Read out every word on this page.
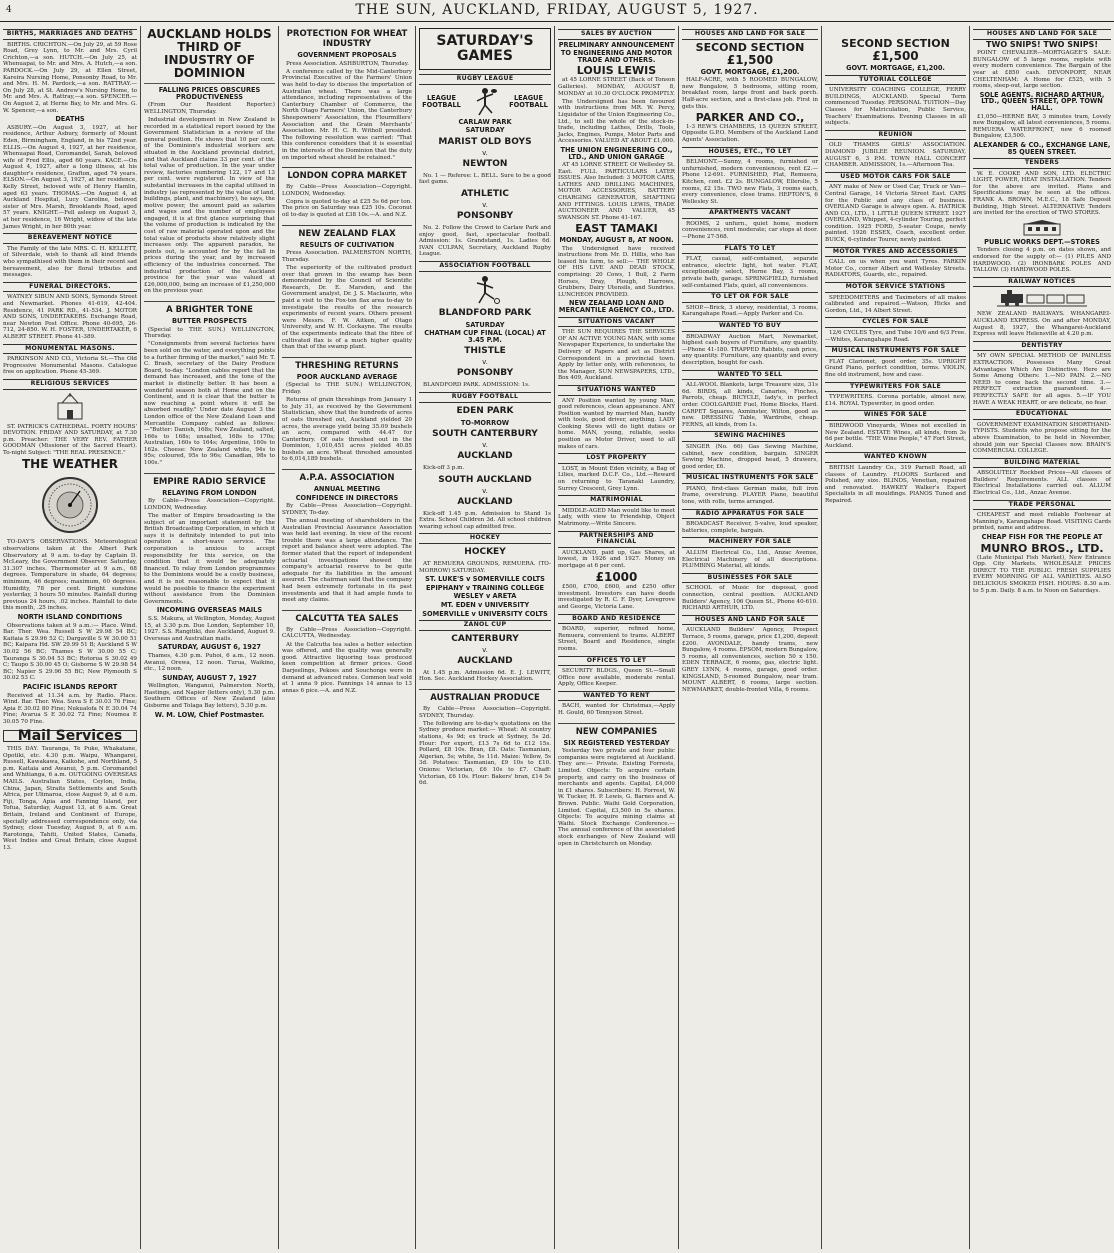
4	THE SUN, AUCKLAND, FRIDAY, AUGUST 5, 1927.
BIRTHS, MARRIAGES AND DEATHS

BIRTHS. CRICHTON.—On July 29, at 59 Rose Road, Grey Lynn, to Mr. and Mrs. Cyril Crichton,—a son. HUTCH.—On July 25, at Whenuapai, to Mr. and Mrs. A. Hutch,—a son. PARDOCK.—On July 29, at Ellen Street, Kareira Nursing Home, Ponsonby Road, to Mr. and Mrs. H. M. Pardock,—a son. RATTRAY.—On July 28, at St. Andrew's Nursing Home, to Mr. and Mrs. A. Rattray,—a son. SPENCER.—On August 2, at Herne Bay, to Mr. and Mrs. G. W. Spencer,—a son.

DEATHS

ASBURY.—On August 3, 1927, at her residence, Arthur Asbury, formerly of Mount Eden, Birmingham, England, in his 72nd year. ELLIS.—On August 4, 1927, at her residence, Whenuapai Road, Coromandel, Sarah, beloved wife of Fred Ellis, aged 60 years. KACE.—On August 4, 1927, after a long illness, at his daughter's residence, Grafton, aged 74 years. ELSON.—On August 3, 1927, at her residence, Kelly Street, beloved wife of Henry Hamlin, aged 63 years. THOMAS.—On August 4, at Auckland Hospital, Lucy Caroline, beloved sister of Mrs. Marsh, Brooklands Road, aged 57 years. KNIGHT.—Fell asleep on August 3, at her residence, 16 Wright, widow of the late James Wright, in her 80th year.

BEREAVEMENT NOTICE

The Family of the late MRS. C. H. KELLETT, of Silverdale, wish to thank all kind friends who sympathised with them in their recent sad bereavement, also for floral tributes and messages.

FUNERAL DIRECTORS.

WATNEY SIBUN AND SONS, Symonds Street and Newmarket. Phones 41-619, 42-404. Residence, 41 PARK RD., 41-534. J. MOTOR AND SONS, UNDERTAKERS. Exchange Road, near Newton Post Office. Phone 40-695, 26-712, 24-850. W. H. FOSTER, UNDERTAKER, 6 ALBERT STREET. Phone 41-389.

MONUMENTAL MASONS.

PARKINSON AND CO., Victoria St.—The Old Progressive Monumental Masons. Catalogue free on application. Phone 45-369.

RELIGIOUS SERVICES

ST. PATRICK'S CATHEDRAL. FORTY HOURS' DEVOTION. FRIDAY AND SATURDAY, at 7.30 p.m. Preacher: THE VERY REV. FATHER GOODMAN (Missioner of the Sacred Heart). To-night Subject: "THE REAL PRESENCE."

THE WEATHER

TO-DAY'S OBSERVATIONS. Meteorological observations taken at the Albert Park Observatory at 9 a.m. to-day by Captain D. McLeary, the Government Observer. Saturday, 31.307 inches. Thermometer at 9 a.m., 68 degrees. Temperature in shade, 64 degrees; minimum, 46 degrees; maximum, 60 degrees. Humidity, 78 per cent. Bright sunshine yesterday, 3 hours 50 minutes. Rainfall during previous 24 hours, .02 inches. Rainfall to date this month, .25 inches.

NORTH ISLAND CONDITIONS

Observations taken at 9 a.m.:— Place. Wind. Bar. Ther. Wea. Russell S W 29.98 54 BC; Kaitaia S 29.96 52 C; Dargaville S W 30.00 51 BC; Kaipara Hd. SW 29.99 51 B; Auckland S W 30.02 56 BC; Thames S W 30.00 55 C; Tauranga S 30.04 53 BC; Rotorua S 30.02 49 C; Taupo S 30.00 45 O; Gisborne S W 29.98 54 BC; Napier S 29.96 55 BC; New Plymouth S 30.02 53 C.

PACIFIC ISLANDS REPORT

Received at 11.34 a.m. by Radio. Place. Wind. Bar. Ther. Wea. Suva S E 30.03 76 Fine; Apia E 30.02 80 Fine; Nukualofa N E 30.04 74 Fine; Avarua S E 30.02 72 Fine; Noumea E 30.05 70 Fine.

Mail Services

THIS DAY. Tauranga, Te Puke, Whakatane, Opotiki, etc. 4.30 p.m. Waipu, Whangarei, Russell, Kawakawa, Kaikohe, and Northland, 5 p.m. Kaitaia and Awanui, 5 p.m. Coromandel and Whitianga, 6 a.m. OUTGOING OVERSEAS MAILS. Australian States, Ceylon, India, China, Japan, Straits Settlements and South Africa, per Ulimaroa, close August 9, at 6 a.m. Fiji, Tonga, Apia and Fanning Island, per Tofua, Saturday, August 13, at 6 a.m. Great Britain, Ireland and Continent of Europe, specially addressed correspondence only, via Sydney, close Tuesday, August 9, at 6 a.m. Rarotonga, Tahiti, United States, Canada, West Indies and Great Britain, close August 13.

AUCKLAND HOLDS THIRD OF INDUSTRY OF DOMINION
FALLING PRICES OBSCURES PRODUCTIVENESS

(From Our Resident Reporter.) WELLINGTON, Thursday.

Industrial development in New Zealand is recorded in a statistical report issued by the Government Statistician in a review of the general position. He shows that 10 per cent. of the Dominion's industrial workers are situated in the Auckland provincial district, and that Auckland claims 33 per cent. of the total value of production. In the year under review, factories numbering 122, 17 and 13 per cent. were registered. In view of the substantial increases in the capital utilised in industry (as represented by the value of land, buildings, plant, and machinery), he says, the motive power, the amount paid as salaries and wages and the number of employees engaged, it is at first glance surprising that the volume of production is indicated by the cost of raw material operated upon and the total value of products show relatively slight increases only. The apparent paradox, he points out, is accounted for by the fall in prices during the year, and by increased efficiency of the industries concerned. The industrial production of the Auckland province for the year was valued at £26,000,000, being an increase of £1,250,000 on the previous year.

A BRIGHTER TONE
BUTTER PROSPECTS

(Special to THE SUN.) WELLINGTON, Thursday.

"Consignments from several factories have been sold on the water, and everything points to a further firming of the market," said Mr. T. C. Brash, secretary of the Dairy Produce Board, to-day. "London cables report that the demand has increased, and the tone of the market is distinctly better. It has been a wonderful season both at Home and on the Continent, and it is clear that the butter is now reaching a point where it will be absorbed readily." Under date August 3 the London office of the New Zealand Loan and Mercantile Company cabled as follows:—"Butter: Danish, 168s; New Zealand, salted, 166s to 168s; unsalted, 168s to 170s; Australian, 160s to 164s; Argentine, 160s to 162s. Cheese: New Zealand white, 94s to 95s; coloured, 95s to 96s; Canadian, 98s to 100s."

EMPIRE RADIO SERVICE
RELAYING FROM LONDON

By Cable—Press Association—Copyright. LONDON, Wednesday.

The matter of Empire broadcasting is the subject of an important statement by the British Broadcasting Corporation, in which it says it is definitely intended to put into operation a short-wave service. The corporation is anxious to accept responsibility for this service, on the condition that it would be adequately financed. To relay from London programmes to the Dominions would be a costly business, and it is not reasonable to expect that it would be possible to finance the experiment without assistance from the Dominion Governments.

INCOMING OVERSEAS MAILS

S.S. Makura, at Wellington, Monday, August 15, at 3.30 p.m. Due London, September 10, 1927. S.S. Rangitiki, due Auckland, August 9. Overseas and Australian mails.

SATURDAY, AUGUST 6, 1927

Thames, 4.30 p.m. Puhoi, 6 a.m., 12 noon. Awanui, Orewa, 12 noon. Turua, Waikino, etc., 12 noon.

SUNDAY, AUGUST 7, 1927

Wellington, Wanganui, Palmerston North, Hastings, and Napier (letters only), 5.30 p.m. Southern Offices of New Zealand (also Gisborne and Tolaga Bay letters), 5.30 p.m.

W. M. LOW, Chief Postmaster.
PROTECTION FOR WHEAT INDUSTRY
GOVERNMENT PROPOSALS

Press Association. ASHBURTON, Thursday.

A conference called by the Mid-Canterbury Provincial Executive of the Farmers' Union was held to-day to discuss the importation of Australian wheat. There was a large attendance, including representatives of the Canterbury Chamber of Commerce, the North Otago Farmers' Union, the Canterbury Sheepowners' Association, the Flourmillers' Association and the Grain Merchants' Association. Mr. H. C. R. Witholl presided. The following resolution was carried: "That this conference considers that it is essential in the interests of the Dominion that the duty on imported wheat should be retained."

LONDON COPRA MARKET

By Cable—Press Association—Copyright. LONDON, Wednesday.

Copra is quoted to-day at £25 5s 6d per ton. The price on Saturday was £25 10s. Coconut oil to-day is quoted at £38 10s.—A. and N.Z.

NEW ZEALAND FLAX
RESULTS OF CULTIVATION

Press Association. PALMERSTON NORTH, Thursday.

The superiority of the cultivated product over that grown in the swamp has been demonstrated by the Council of Scientific Research, Dr. E. Marsden, and the Government analyst, Dr. J. S. Maclaurin, who paid a visit to the Fox-ton flax area to-day to investigate the results of the research experiments of recent years. Others present were Messrs. F. W. Aitken, of Otago University, and W. H. Cockayne. The results of the experiments indicate that the fibre of cultivated flax is of a much higher quality than that of the swamp plant.

THRESHING RETURNS
POOR AUCKLAND AVERAGE

(Special to THE SUN.) WELLINGTON, Friday.

Returns of grain threshings from January 1 to July 31, as received by the Government Statistician, show that the hundreds of acres of oats threshed out, Auckland yielded 20 acres, the average yield being 35.09 bushels an acre, compared with 44.47 for Canterbury. Of oats threshed out in the Dominion, 1,010,451 acres yielded 40.85 bushels an acre. Wheat threshed amounted to 6,014,189 bushels.

A.P.A. ASSOCIATION
ANNUAL MEETING
CONFIDENCE IN DIRECTORS

By Cable—Press Association—Copyright. SYDNEY, To-day.

The annual meeting of shareholders in the Australian Provincial Assurance Association was held last evening. In view of the recent trouble there was a large attendance. The report and balance sheet were adopted. The former stated that the report of independent actuarial investigations showed the company's actuarial reserve to be quite adequate for its liabilities in the amount assured. The chairman said that the company had been extremely fortunate in its past investments and that it had ample funds to meet any claims.

CALCUTTA TEA SALES

By Cable—Press Association—Copyright. CALCUTTA, Wednesday.

At the Calcutta tea sales a better selection was offered, and the quality was generally good. Attractive liquoring teas produced keen competition at firmer prices. Good Darjeelings, Pekoes and Souchongs were in demand at advanced rates. Common leaf sold at 1 anna 9 pice. Fannings 14 annas to 13 annas 6 pice.—A. and N.Z.

SATURDAY'S GAMES
RUGBY LEAGUE
LEAGUE FOOTBALL
LEAGUE FOOTBALL
CARLAW PARK
SATURDAY
MARIST OLD BOYS
v.
NEWTON

No. 1 — Referee: L. BELL. Sure to be a good fast game.

ATHLETIC
v.
PONSONBY

No. 2. Follow the Crowd to Carlaw Park and enjoy good, fast, spectacular football. Admission: 1s. Grandstand, 1s. Ladies 6d. IVAN CULPAN, Secretary, Auckland Rugby League.

ASSOCIATION FOOTBALL
BLANDFORD PARK
SATURDAY
CHATHAM CUP FINAL (LOCAL) AT 3.45 P.M.
THISTLE
v.
PONSONBY

BLANDFORD PARK. ADMISSION: 1s.

RUGBY FOOTBALL
EDEN PARK
TO-MORROW
SOUTH CANTERBURY
v.
AUCKLAND

Kick-off 3 p.m.

SOUTH AUCKLAND
v.
AUCKLAND

Kick-off 1.45 p.m. Admission to Stand 1s Extra. School Children 3d. All school children wearing school cap admitted free.

HOCKEY
HOCKEY

AT REMUERA GROUNDS, REMUERA. (TO-MORROW) SATURDAY.

ST. LUKE'S v SOMERVILLE COLTS
EPIPHANY v TRAINING COLLEGE
WESLEY v ARETA
MT. EDEN v UNIVERSITY
SOMERVILLE v UNIVERSITY COLTS
ZANOL CUP
CANTERBURY
v.
AUCKLAND

At 1.45 p.m. Admission 6d. E. J. LEWITT, Hon. Sec. Auckland Hockey Association.

AUSTRALIAN PRODUCE

By Cable—Press Association—Copyright. SYDNEY, Thursday.

The following are to-day's quotations on the Sydney produce market:— Wheat: At country stations, 4s 9d; ex truck at Sydney, 5s 2d. Flour: For export, £13 7s 6d to £12 15s. Pollard, £8 10s. Bran, £8. Oats: Tasmanian, Algerian, 5s; white, 5s 11d. Maize: Yellow, 5s 3d. Potatoes: Tasmanian, £9 10s to £10. Onions: Victorian, £6 10s to £7. Chaff: Victorian, £6 10s. Flour: Bakers' bran, £14 5s 6d.

SALES BY AUCTION
PRELIMINARY ANNOUNCEMENT
TO ENGINEERING AND MOTOR TRADE AND OTHERS.
LOUIS LEWIS

at 45 LORNE STREET (Back of Tonson Galleries). MONDAY, AUGUST 8, MONDAY at 10.30 O'CLOCK PROMPTLY.

The Undersigned has been favoured with instructions from MR. W. Percy, Liquidator of the Union Engineering Co., Ltd., to sell the whole of the stock-in-trade, including Lathes, Drills, Tools, Jacks, Engines, Pumps, Motor Parts and Accessories. VALUED AT ABOUT £1,000.

THE UNION ENGINEERING CO., LTD., AND UNION GARAGE

AT 45 LORNE STREET. Of Wellesley St. East. FULL PARTICULARS LATER ISSUES. Also Included: 3 MOTOR CARS, LATHES AND DRILLING MACHINES, MOTOR ACCESSORIES, BATTERY CHARGING GENERATOR, SHAFTING AND FITTINGS. LOUIS LEWIS, TRADE AUCTIONEER AND VALUER, 45 SWANSON ST. Phone 41-167.

EAST TAMAKI
MONDAY, AUGUST 8, AT NOON.

The Undersigned have received instructions from Mr. D. Hillis, who has leased his farm, to sell:— THE WHOLE OF HIS LIVE AND DEAD STOCK, comprising: 20 Cows, 1 Bull, 2 Farm Horses, Dray, Plough, Harrows, Grubbers, Dairy Utensils, and Sundries. LUNCHEON PROVIDED.

NEW ZEALAND LOAN AND MERCANTILE AGENCY CO., LTD.
SITUATIONS VACANT

THE SUN REQUIRES THE SERVICES OF AN ACTIVE YOUNG MAN, with some Newspaper Experience, to undertake the Delivery of Papers and act as District Correspondent in a provincial town. Apply by letter only, with references, to the Manager, SUN NEWSPAPERS, LTD., Box 409, Auckland.

SITUATIONS WANTED

ANY Position wanted by young Man, good references, clean appearance. ANY Position wanted by married Man, handy with tools, good driver, anything. LADY Cooking Stews will do light duties or home. MAN, young, reliable, seeks position as Motor Driver, used to all makes of cars.

LOST PROPERTY

LOST, in Mount Eden vicinity, a Bag of Lilies, marked D.C.F. Co., Ltd.—Reward on returning to Taranaki Laundry, Surrey Crescent, Grey Lynn.

MATRIMONIAL

MIDDLE-AGED Man would like to meet Lady, with view to Friendship, Object Matrimony.—Write Sincere.

PARTNERSHIPS AND FINANCIAL

AUCKLAND, paid up, Gas Shares, at lowest, in 1926 and 1927. Money on mortgage at 6 per cent.

£1000

£500, £700, £600, and £250 offer investment. Investors can have deeds investigated by R. C. F. Dyer, Lovegrove and George, Victoria Lane.

BOARD AND RESIDENCE

BOARD, superior, refined home, Remuera, convenient to trams. ALBERT Street, Board and Residence, single rooms.

OFFICES TO LET

SECURITY BLDGS., Queen St.—Small Office now available, moderate rental. Apply, Office Keeper.

WANTED TO RENT

BACH, wanted for Christmas,—Apply H. Gould, 60 Tennyson Street.

NEW COMPANIES
SIX REGISTERED YESTERDAY

Yesterday two private and four public companies were registered at Auckland. They are:— Private. Existing Forrests, Limited. Objects: To acquire certain property, and carry on the business of merchants and agents. Capital, £4,000 in £1 shares. Subscribers: H. Forrest, W. W. Tucker, H. P. Lewis, G. Barnes and A. Brown. Public. Waihi Gold Corporation, Limited. Capital, £3,500 in 5s shares. Objects: To acquire mining claims at Waihi. Stock Exchange Conference.—The annual conference of the associated stock exchanges of New Zealand will open in Christchurch on Monday.

HOUSES AND LAND FOR SALE
SECOND SECTION
£1,500
GOVT. MORTGAGE, £1,200.

HALF-ACRE, with 5 ROOMED BUNGALOW, new Bungalow, 5 bedrooms, sitting room, breakfast room, large front and back porch. Half-acre section, and a first-class job. First in gets this.

PARKER AND CO.,

1-3 REW'S CHAMBERS, 15 QUEEN STREET, Opposite G.P.O. Members of the Auckland Land Agents' Association.

HOUSES, ETC., TO LET

BELMONT.—Sunny, 4 rooms, furnished or unfurnished, modern conveniences, rent £2.—Phone 12-691. FURNISHED, Flat, Remuera, Kitchen, cont. £2 2s. BUNGALOW, Ellerslie, 5 rooms, £2 15s. TWO new Flats, 3 rooms each, every convenience, close trams. HEPTON'S, 6 Wellesley St.

APARTMENTS VACANT

ROOMS, 2 unfurn., quiet home, modern conveniences, rent moderate; car stops at door.—Phone 27-568.

FLATS TO LET

FLAT, casual, self-contained, separate entrance, electric light, hot water. FLAT, exceptionally select, Herne Bay, 3 rooms, private bath, garage. SPRINGFIELD, furnished self-contained Flats, quiet, all conveniences.

TO LET OR FOR SALE

SHOP.—Brick, 3 storey, residential, 3 rooms, Karangahape Road.—Apply Parker and Co.

WANTED TO BUY

BROADWAY Auction Mart, Newmarket, highest cash buyers of Furniture, any quantity.—Phone 41-180. TRAPPED Rabbits, cash price, any quantity. Furniture, any quantity and every description, bought for cash.

WANTED TO SELL

ALL-WOOL Blankets, large Treasure size, 31s 6d. BIRDS, all kinds, Canaries, Finches, Parrots, cheap. BICYCLE, lady's, in perfect order. COOLGARDIE Fuel, Home Blocks, Hard. CARPET Squares, Axminster, Wilton, good as new. DRESSING Table, Wardrobe, cheap. FERNS, all kinds, from 1s.

SEWING MACHINES

SINGER (No. 66) Gas Sewing Machine, cabinet, new condition, bargain. SINGER Sewing Machine, dropped head, 5 drawers, good order, £6.

MUSICAL INSTRUMENTS FOR SALE

PIANO, first-class German make, full iron frame, overstrung. PLAYER Piano, beautiful tone, with rolls, terms arranged.

RADIO APPARATUS FOR SALE

BROADCAST Receiver, 5-valve, loud speaker, batteries, complete, bargain.

MACHINERY FOR SALE

ALLUM Electrical Co., Ltd., Anzac Avenue, Electrical Machinery of all descriptions. PLUMBING Material, all kinds.

BUSINESSES FOR SALE

SCHOOL of Music for disposal, good connection, central position. AUCKLAND Builders' Agency, 106 Queen St., Phone 40-610. RICHARD ARTHUR, LTD.

HOUSES AND LAND FOR SALE

AUCKLAND Builders' Agency, Prospect Terrace, 5 rooms, garage, price £1,200, deposit £200. AVONDALE, handy trams, new Bungalow, 4 rooms. EPSOM, modern Bungalow, 5 rooms, all conveniences, section 50 x 150. EDEN TERRACE, 6 rooms, gas, electric light. GREY LYNN, 4 rooms, garage, good order. KINGSLAND, 5-roomed Bungalow, near tram. MOUNT ALBERT, 6 rooms, large section. NEWMARKET, double-fronted Villa, 6 rooms.

SECOND SECTION
£1,500
GOVT. MORTGAGE, £1,200.
TUTORIAL COLLEGE

UNIVERSITY COACHING COLLEGE, FERRY BUILDINGS, AUCKLAND. Special Term commenced Tuesday. PERSONAL TUITION—Day Classes for Matriculation, Public Service, Teachers' Examinations. Evening Classes in all subjects.

REUNION

OLD THAMES GIRLS' ASSOCIATION. DIAMOND JUBILEE REUNION. SATURDAY, AUGUST 6, 3 P.M. TOWN HALL CONCERT CHAMBER. ADMISSION, 1s.—Afternoon Tea.

USED MOTOR CARS FOR SALE

ANY make of New or Used Car, Truck or Van—Central Garage, 14 Victoria Street East. CARS for the Public and any class of business. OVERLAND Garage is always open. A. HATRICK AND CO., LTD., 1 LITTLE QUEEN STREET. 1927 OVERLAND, Whippet, 4-cylinder Touring, perfect condition. 1925 FORD, 5-seater Coupe, newly painted. 1926 ESSEX, Coach, excellent order. BUICK, 6-cylinder Tourer, newly painted.

MOTOR TYRES AND ACCESSORIES

CALL on us when you want Tyres. FARKIN Motor Co., corner Albert and Wellesley Streets. RADIATORS, Guards, etc., repaired.

MOTOR SERVICE STATIONS

SPEEDOMETERS and Taximeters of all makes calibrated and repaired.—Watson, Hicks and Gordon, Ltd., 14 Albert Street.

CYCLES FOR SALE

12/6 CYCLES Tyre, and Tube 10/6 and 6/3 Free.—Whites, Karangahape Road.

MUSICAL INSTRUMENTS FOR SALE

FLAT Clarionet, good order, 35s. UPRIGHT Grand Piano, perfect condition, terms. VIOLIN, fine old instrument, bow and case.

TYPEWRITERS FOR SALE

TYPEWRITERS. Corona portable, almost new, £14. ROYAL Typewriter, in good order.

WINES FOR SALE

BIRDWOOD Vineyards, Wines not excelled in New Zealand. ESTATE Wines, all kinds, from 3s 6d per bottle. "THE Wine People," 47 Fort Street, Auckland.

WANTED KNOWN

BRITISH Laundry Co., 319 Parnell Road, all classes of Laundry. FLOORS Surfaced and Polished, any size. BLINDS, Venetian, repaired and renovated. HAWKEY Walker's Expert Specialists in all mouldings. PIANOS Tuned and Repaired.

HOUSES AND LAND FOR SALE
TWO SNIPS! TWO SNIPS!

POINT CHEVALIER—MORTGAGEE'S SALE: BUNGALOW of 5 large rooms, replete with every modern convenience. The Bargain of the year at £850 cash. DEVONPORT, NEAR CHELTENHAM: A Home for £525, with 5 rooms, sleep-out, large section.

SOLE AGENTS. RICHARD ARTHUR, LTD., QUEEN STREET, OPP. TOWN HALL.

£1,050—HERNE BAY, 3 minutes tram, Lovely new Bungalow, all latest conveniences, 5 rooms. REMUERA WATERFRONT, new 6 roomed Bungalow, £3,500.

ALEXANDER & CO., EXCHANGE LANE, 85 QUEEN STREET.
TENDERS

W. E. COOKE AND SON, LTD. ELECTRIC LIGHT, POWER, HEAT INSTALLATION. Tenders for the above are invited. Plans and Specifications may be seen at the offices. FRANK A. BROWN, M.E.C., 18 Safe Deposit Building, High Street. ALTERNATIVE Tenders are invited for the erection of TWO STORES.

PUBLIC WORKS DEPT.—STORES

Tenders closing 4 p.m. on dates shown, and endorsed for the supply of:— (1) PILES AND HARDWOOD. (2) IRONBARK POLES AND TALLOW. (3) HARDWOOD POLES.

RAILWAY NOTICES

NEW ZEALAND RAILWAYS. WHANGAREI-AUCKLAND EXPRESS. On and after MONDAY, August 8, 1927, the Whangarei-Auckland Express will leave Helensville at 4.20 p.m.

DENTISTRY

MY OWN SPECIAL METHOD OF PAINLESS EXTRACTION. Possesses Many Great Advantages Which Are Distinctive. Here are Some Among Others: 1.—NO PAIN. 2.—NO NEED to come back the second time. 3.—PERFECT extraction guaranteed. 4.—PERFECTLY SAFE for all ages. 5.—IF YOU HAVE A WEAK HEART, or are delicate, no fear.

EDUCATIONAL

GOVERNMENT EXAMINATION SHORTHAND-TYPISTS. Students who propose sitting for the above Examination, to be held in November, should join our Special Classes now. BRAIN'S COMMERCIAL COLLEGE.

BUILDING MATERIAL

ABSOLUTELY Rockbed Prices—All classes of Builders' Requirements. ALL classes of Electrical Installations carried out. ALLUM Electrical Co., Ltd., Anzac Avenue.

TRADE PERSONAL

CHEAPEST and most reliable Footwear at Manning's, Karangahape Road. VISITING Cards printed, name and address.

CHEAP FISH FOR THE PEOPLE AT
MUNRO BROS., LTD.

(Late Municipal Fish Market), New Entrance Opp. City Markets. WHOLESALE PRICES DIRECT TO THE PUBLIC. FRESH SUPPLIES EVERY MORNING OF ALL VARIETIES. ALSO DELICIOUS SMOKED FISH. HOURS: 8.30 a.m. to 5 p.m. Daily. 8 a.m. to Noon on Saturdays.
